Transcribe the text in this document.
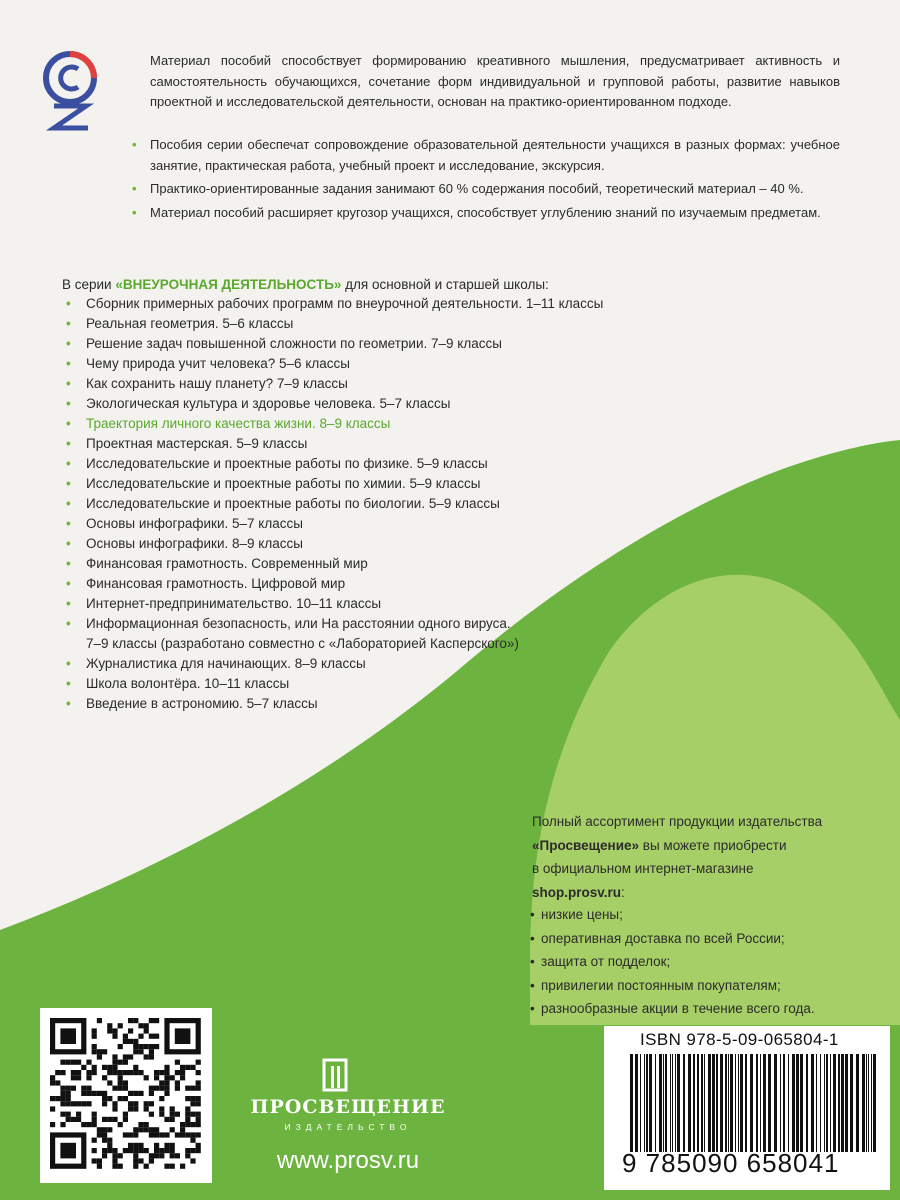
Материал пособий способствует формированию креативного мышления, предусматривает активность и самостоятельность обучающихся, сочетание форм индивидуальной и групповой работы, развитие навыков проектной и исследовательской деятельности, основан на практико-ориентированном подходе.

• Пособия серии обеспечат сопровождение образовательной деятельности учащихся в разных формах: учебное занятие, практическая работа, учебный проект и исследование, экскурсия.
• Практико-ориентированные задания занимают 60 % содержания пособий, теоретический материал – 40 %.
• Материал пособий расширяет кругозор учащихся, способствует углублению знаний по изучаемым предметам.

В серии «ВНЕУРОЧНАЯ ДЕЯТЕЛЬНОСТЬ» для основной и старшей школы:

• Сборник примерных рабочих программ по внеурочной деятельности. 1–11 классы
• Реальная геометрия. 5–6 классы
• Решение задач повышенной сложности по геометрии. 7–9 классы
• Чему природа учит человека? 5–6 классы
• Как сохранить нашу планету? 7–9 классы
• Экологическая культура и здоровье человека. 5–7 классы
• Траектория личного качества жизни. 8–9 классы
• Проектная мастерская. 5–9 классы
• Исследовательские и проектные работы по физике. 5–9 классы
• Исследовательские и проектные работы по химии. 5–9 классы
• Исследовательские и проектные работы по биологии. 5–9 классы
• Основы инфографики. 5–7 классы
• Основы инфографики. 8–9 классы
• Финансовая грамотность. Современный мир
• Финансовая грамотность. Цифровой мир
• Интернет-предпринимательство. 10–11 классы
• Информационная безопасность, или На расстоянии одного вируса.
7–9 классы (разработано совместно с «Лабораторией Касперского»)
• Журналистика для начинающих. 8–9 классы
• Школа волонтёра. 10–11 классы
• Введение в астрономию. 5–7 классы

Полный ассортимент продукции издательства
«Просвещение» вы можете приобрести
в официальном интернет-магазине
shop.prosv.ru:

• низкие цены;
• оперативная доставка по всей России;
• защита от подделок;
• привилегии постоянным покупателям;
• разнообразные акции в течение всего года.
ПРОСВЕЩЕНИЕ
ИЗДАТЕЛЬСТВО
www.prosv.ru
ISBN 978-5-09-065804-1
9 785090 658041
